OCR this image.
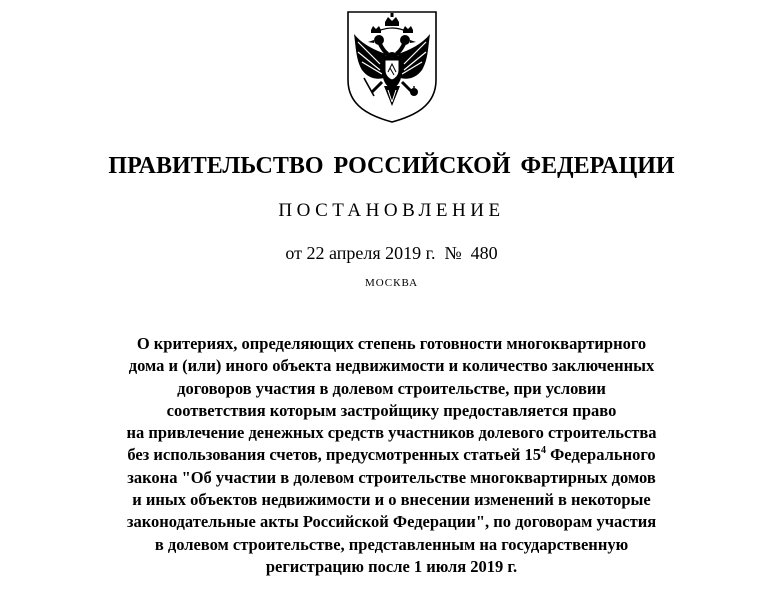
ПРАВИТЕЛЬСТВО РОССИЙСКОЙ ФЕДЕРАЦИИ
ПОСТАНОВЛЕНИЕ
от 22 апреля 2019 г.  №  480
МОСКВА
О критериях, определяющих степень готовности многоквартирного
дома и (или) иного объекта недвижимости и количество заключенных
договоров участия в долевом строительстве, при условии
соответствия которым застройщику предоставляется право
на привлечение денежных средств участников долевого строительства
без использования счетов, предусмотренных статьей $15^4$ Федерального
закона "Об участии в долевом строительстве многоквартирных домов
и иных объектов недвижимости и о внесении изменений в некоторые
законодательные акты Российской Федерации", по договорам участия
в долевом строительстве, представленным на государственную
регистрацию после 1 июля 2019 г.
